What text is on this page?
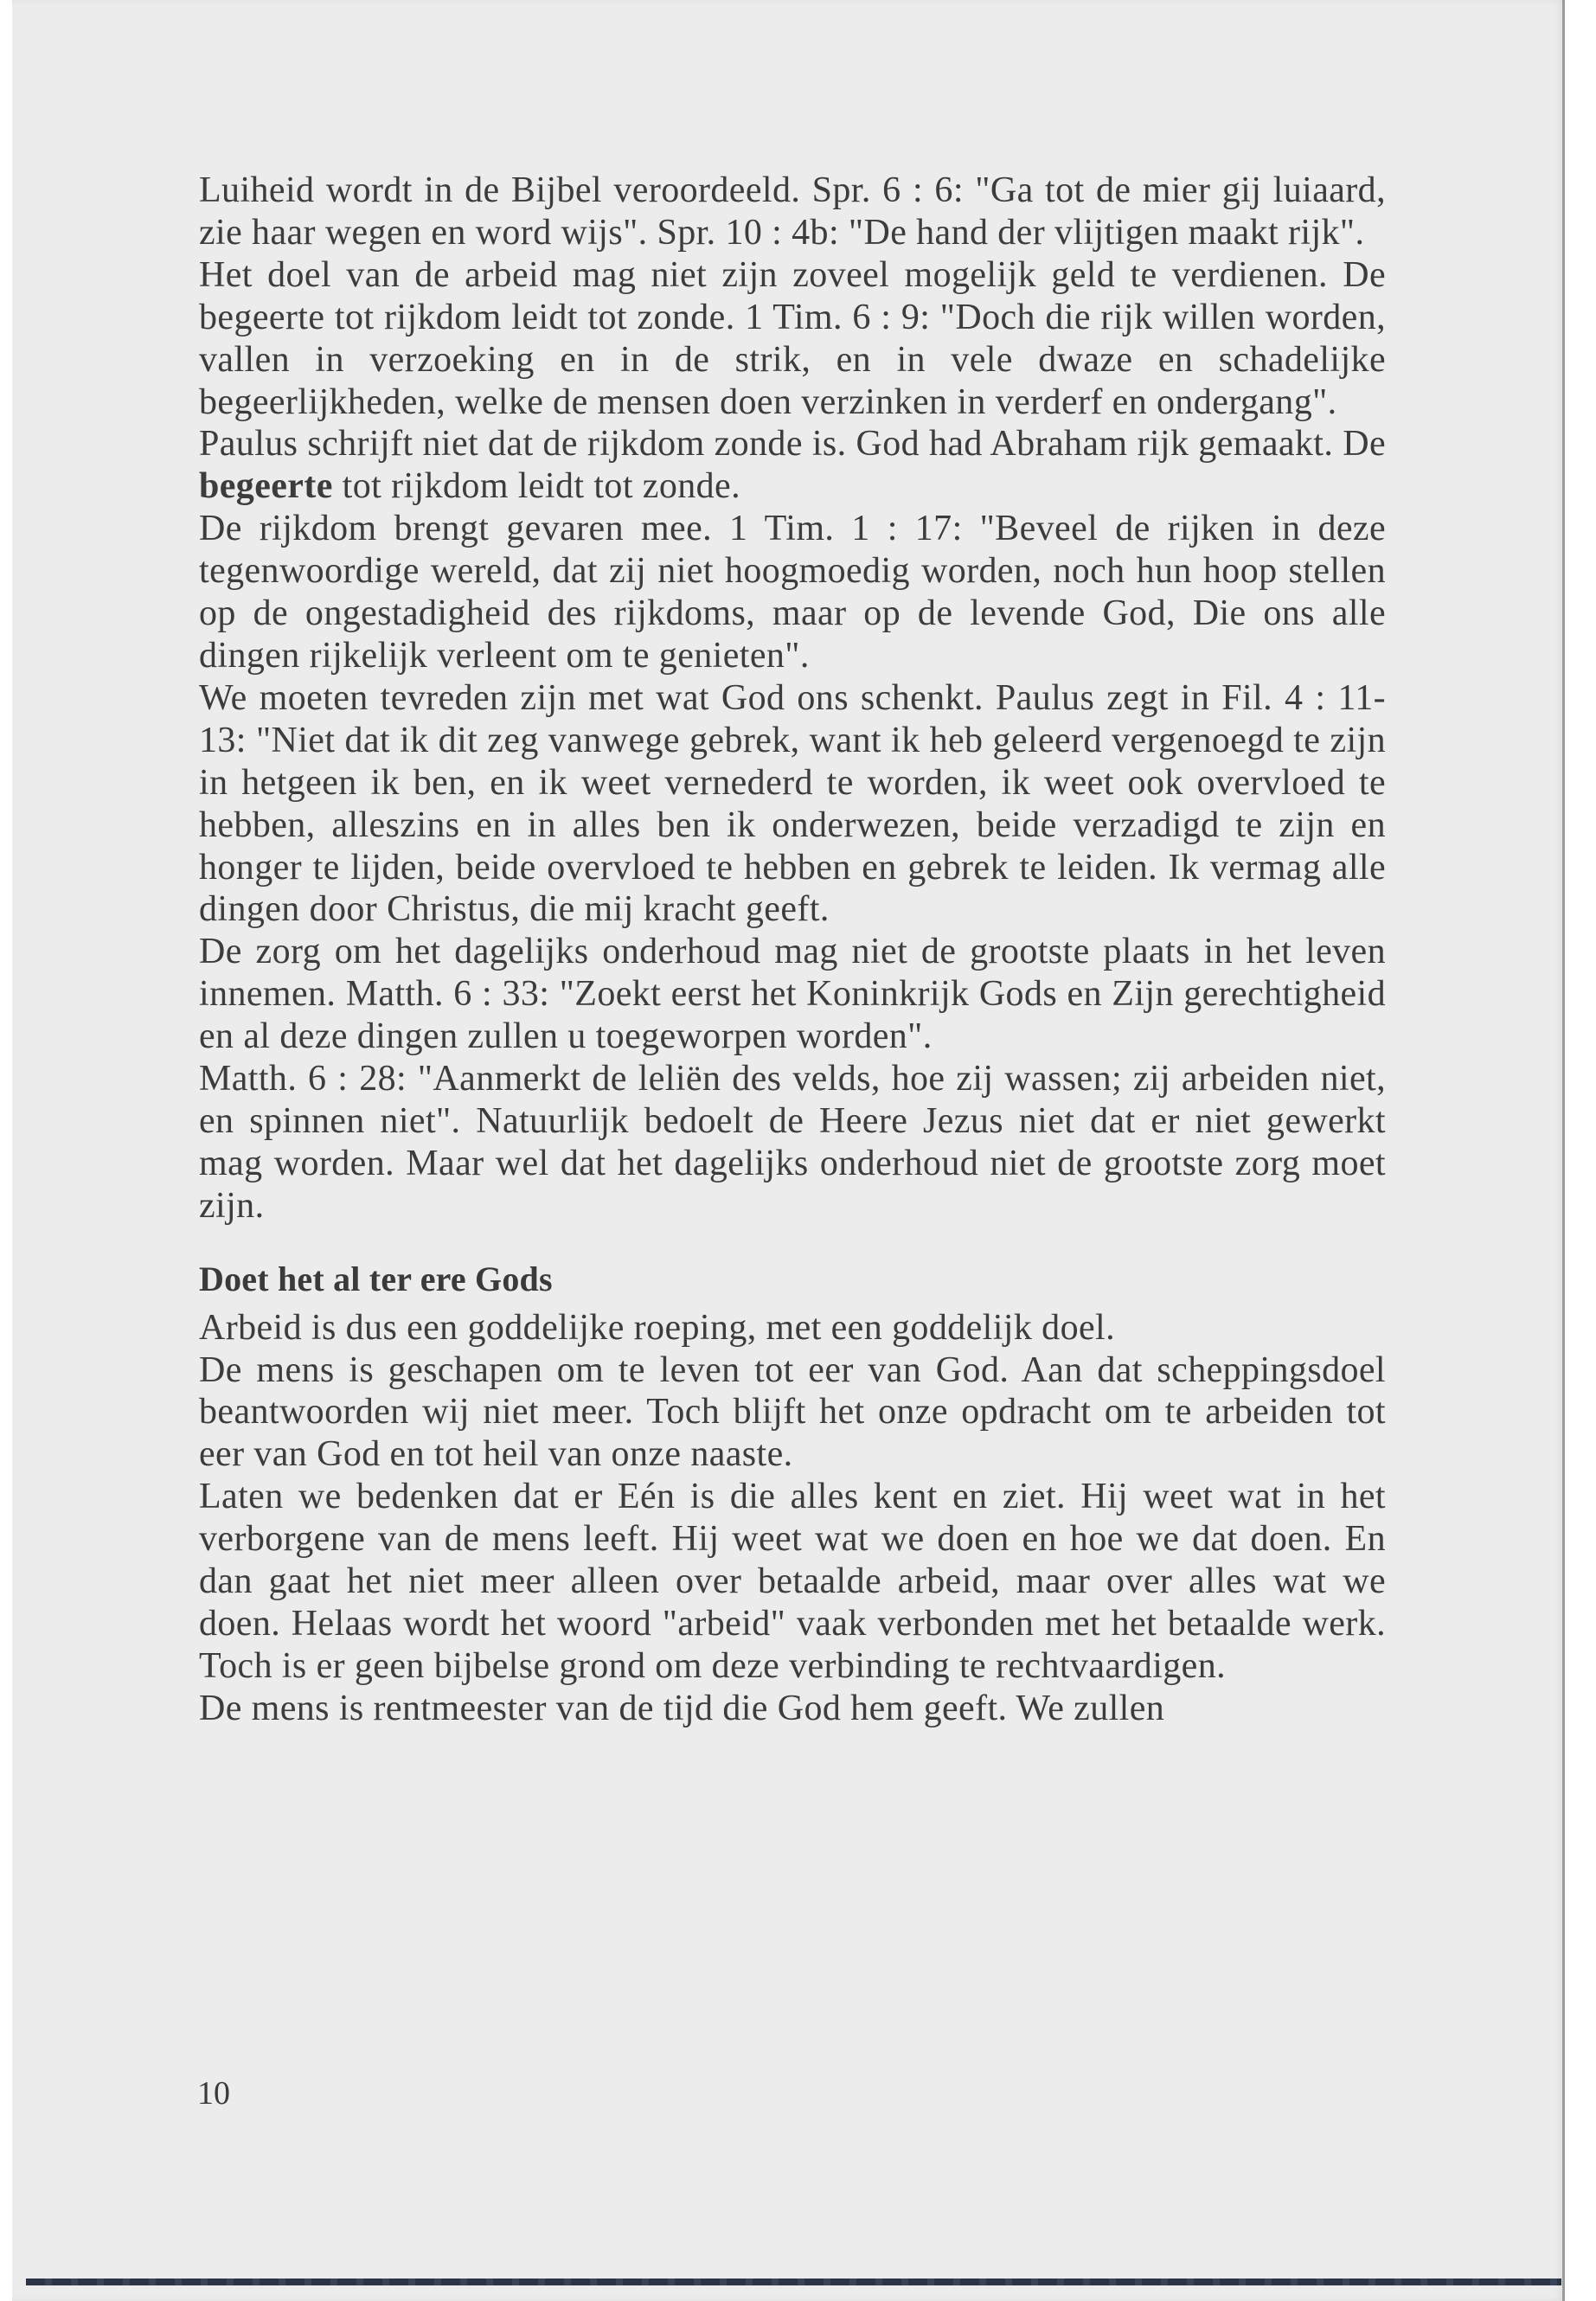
Luiheid wordt in de Bijbel veroordeeld. Spr. 6 : 6: "Ga tot de mier gij luiaard, zie haar wegen en word wijs". Spr. 10 : 4b: "De hand der vlijtigen maakt rijk".

Het doel van de arbeid mag niet zijn zoveel mogelijk geld te verdienen. De begeerte tot rijkdom leidt tot zonde. 1 Tim. 6 : 9: "Doch die rijk willen worden, vallen in verzoeking en in de strik, en in vele dwaze en schadelijke begeerlijkheden, welke de mensen doen verzinken in verderf en ondergang".

Paulus schrijft niet dat de rijkdom zonde is. God had Abraham rijk gemaakt. De begeerte tot rijkdom leidt tot zonde.

De rijkdom brengt gevaren mee. 1 Tim. 1 : 17: "Beveel de rijken in deze tegenwoordige wereld, dat zij niet hoogmoedig worden, noch hun hoop stellen op de ongestadigheid des rijkdoms, maar op de levende God, Die ons alle dingen rijkelijk verleent om te genieten".

We moeten tevreden zijn met wat God ons schenkt. Paulus zegt in Fil. 4 : 11-13: "Niet dat ik dit zeg vanwege gebrek, want ik heb geleerd vergenoegd te zijn in hetgeen ik ben, en ik weet vernederd te worden, ik weet ook overvloed te hebben, alleszins en in alles ben ik onderwezen, beide verzadigd te zijn en honger te lijden, beide overvloed te hebben en gebrek te leiden. Ik vermag alle dingen door Christus, die mij kracht geeft.

De zorg om het dagelijks onderhoud mag niet de grootste plaats in het leven innemen. Matth. 6 : 33: "Zoekt eerst het Koninkrijk Gods en Zijn gerechtigheid en al deze dingen zullen u toegeworpen worden".

Matth. 6 : 28: "Aanmerkt de leliën des velds, hoe zij wassen; zij arbeiden niet, en spinnen niet". Natuurlijk bedoelt de Heere Jezus niet dat er niet gewerkt mag worden. Maar wel dat het dagelijks onderhoud niet de grootste zorg moet zijn.

Doet het al ter ere Gods

Arbeid is dus een goddelijke roeping, met een goddelijk doel.

De mens is geschapen om te leven tot eer van God. Aan dat scheppingsdoel beantwoorden wij niet meer. Toch blijft het onze opdracht om te arbeiden tot eer van God en tot heil van onze naaste.

Laten we bedenken dat er Eén is die alles kent en ziet. Hij weet wat in het verborgene van de mens leeft. Hij weet wat we doen en hoe we dat doen. En dan gaat het niet meer alleen over betaalde arbeid, maar over alles wat we doen. Helaas wordt het woord "arbeid" vaak verbonden met het betaalde werk. Toch is er geen bijbelse grond om deze verbinding te rechtvaardigen.

De mens is rentmeester van de tijd die God hem geeft. We zullen

10
